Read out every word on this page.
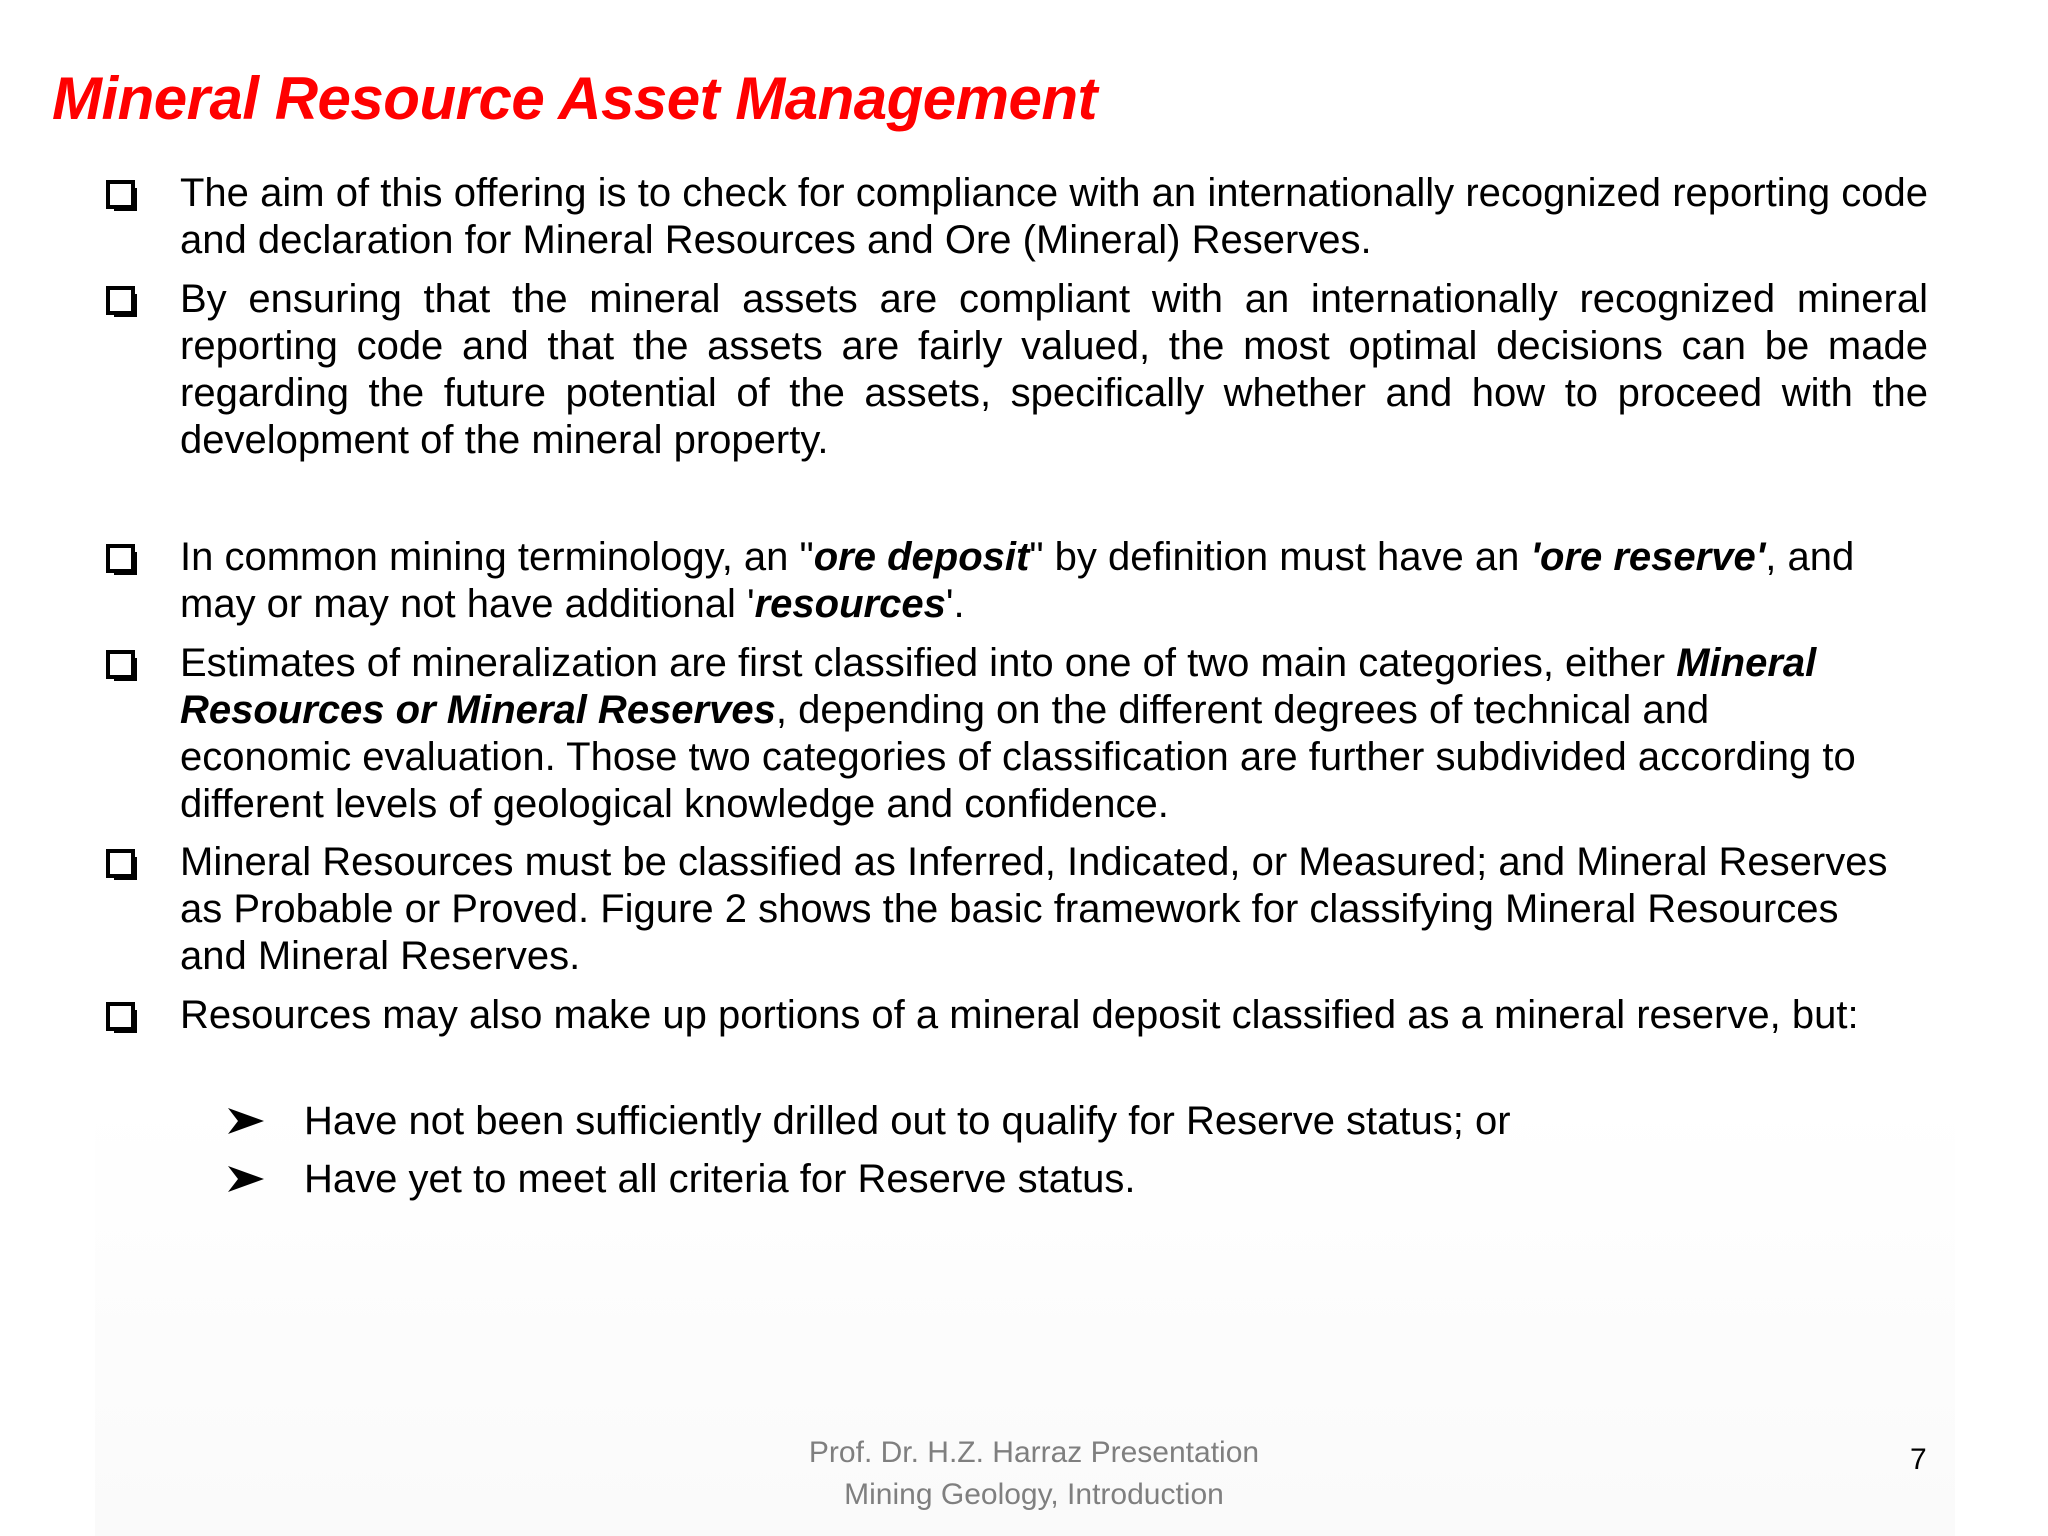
Mineral Resource Asset Management
The aim of this offering is to check for compliance with an internationally recognized reporting code and declaration for Mineral Resources and Ore (Mineral) Reserves.
By ensuring that the mineral assets are compliant with an internationally recognized mineral reporting code and that the assets are fairly valued, the most optimal decisions can be made regarding the future potential of the assets, specifically whether and how to proceed with the development of the mineral property.
In common mining terminology, an "ore deposit" by definition must have an 'ore reserve', and may or may not have additional 'resources'.
Estimates of mineralization are first classified into one of two main categories, either Mineral Resources or Mineral Reserves, depending on the different degrees of technical and economic evaluation. Those two categories of classification are further subdivided according to different levels of geological knowledge and confidence.
Mineral Resources must be classified as Inferred, Indicated, or Measured; and Mineral Reserves as Probable or Proved. Figure 2 shows the basic framework for classifying Mineral Resources and Mineral Reserves.
Resources may also make up portions of a mineral deposit classified as a mineral reserve, but:
Have not been sufficiently drilled out to qualify for Reserve status; or
Have yet to meet all criteria for Reserve status.
Prof. Dr. H.Z. Harraz Presentation
Mining Geology, Introduction
7
